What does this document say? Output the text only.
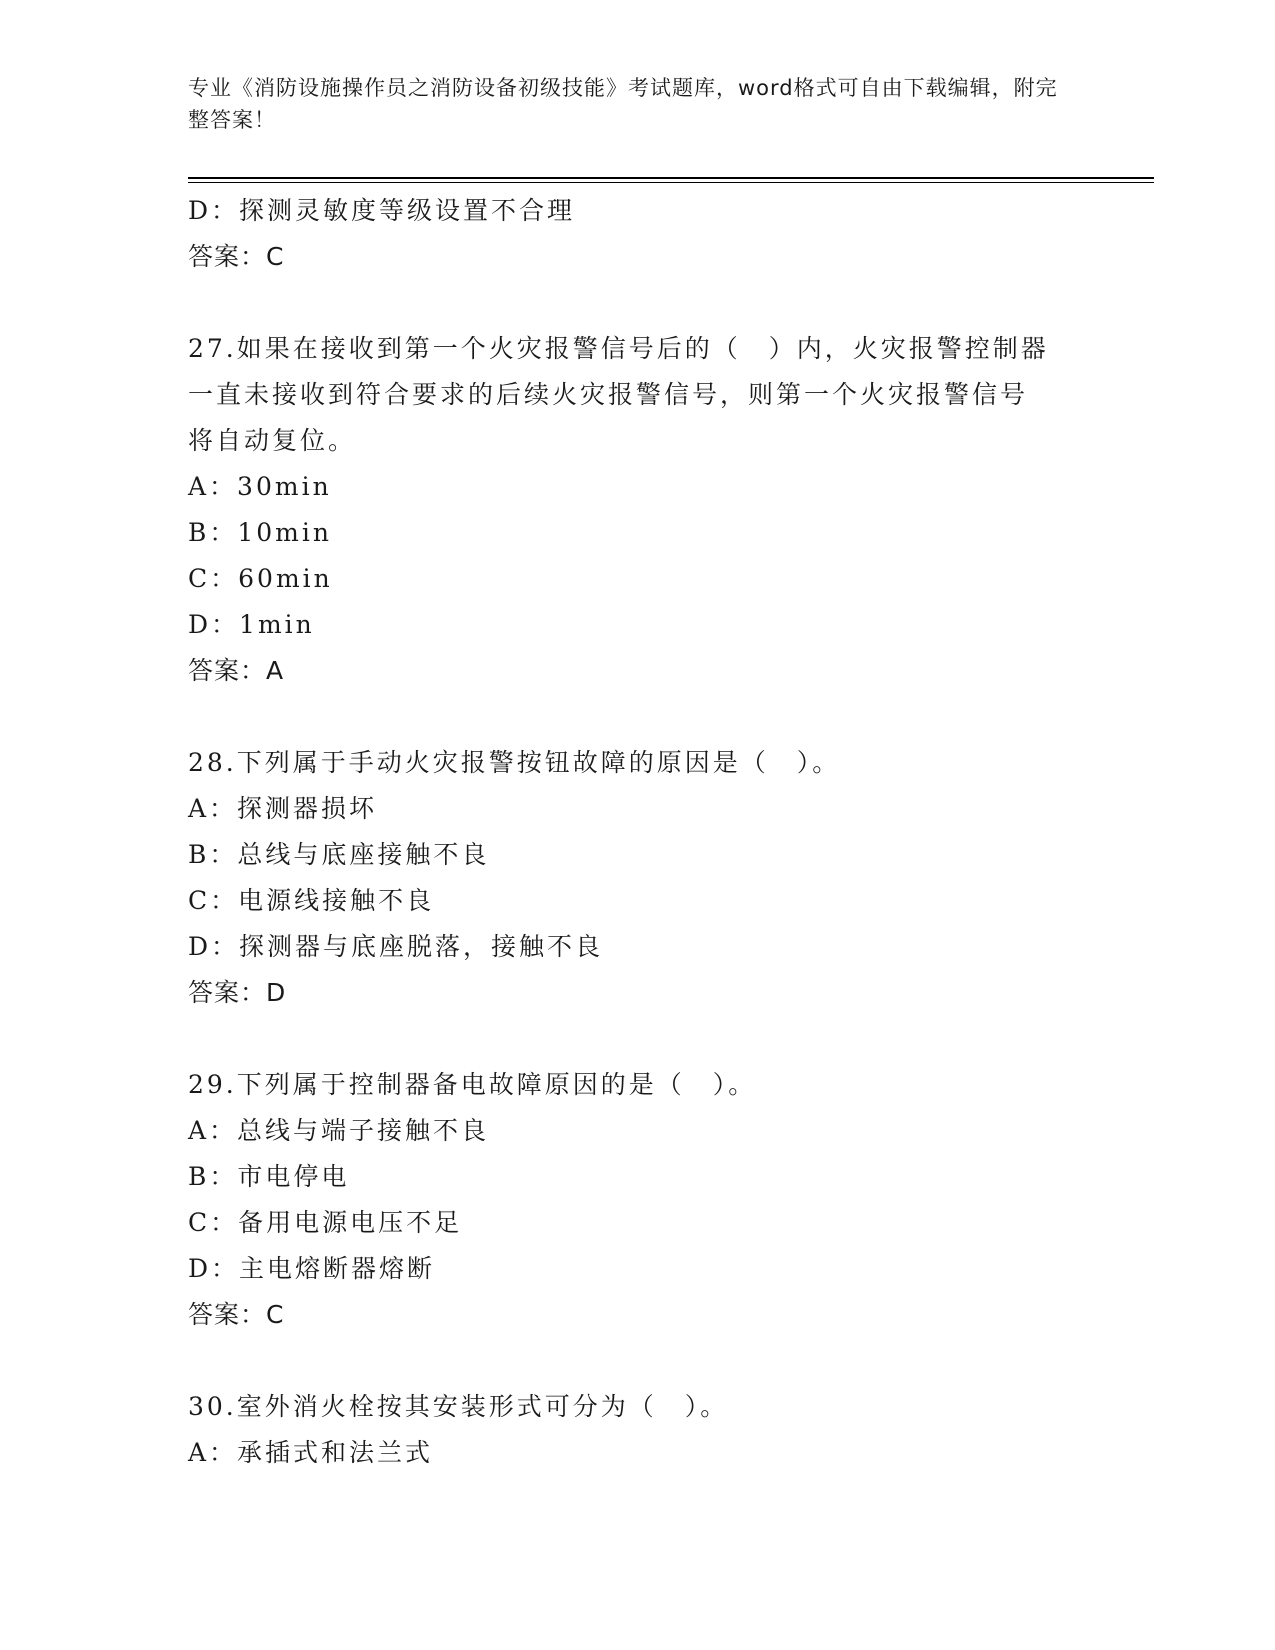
专业《消防设施操作员之消防设备初级技能》考试题库，word格式可自由下载编辑，附完整答案！

D：探测灵敏度等级设置不合理
答案：C
27.如果在接收到第一个火灾报警信号后的（　）内，火灾报警控制器
一直未接收到符合要求的后续火灾报警信号，则第一个火灾报警信号
将自动复位。
A：30min
B：10min
C：60min
D：1min
答案：A
28.下列属于手动火灾报警按钮故障的原因是（　）。
A：探测器损坏
B：总线与底座接触不良
C：电源线接触不良
D：探测器与底座脱落，接触不良
答案：D
29.下列属于控制器备电故障原因的是（　）。
A：总线与端子接触不良
B：市电停电
C：备用电源电压不足
D：主电熔断器熔断
答案：C
30.室外消火栓按其安装形式可分为（　）。
A：承插式和法兰式
